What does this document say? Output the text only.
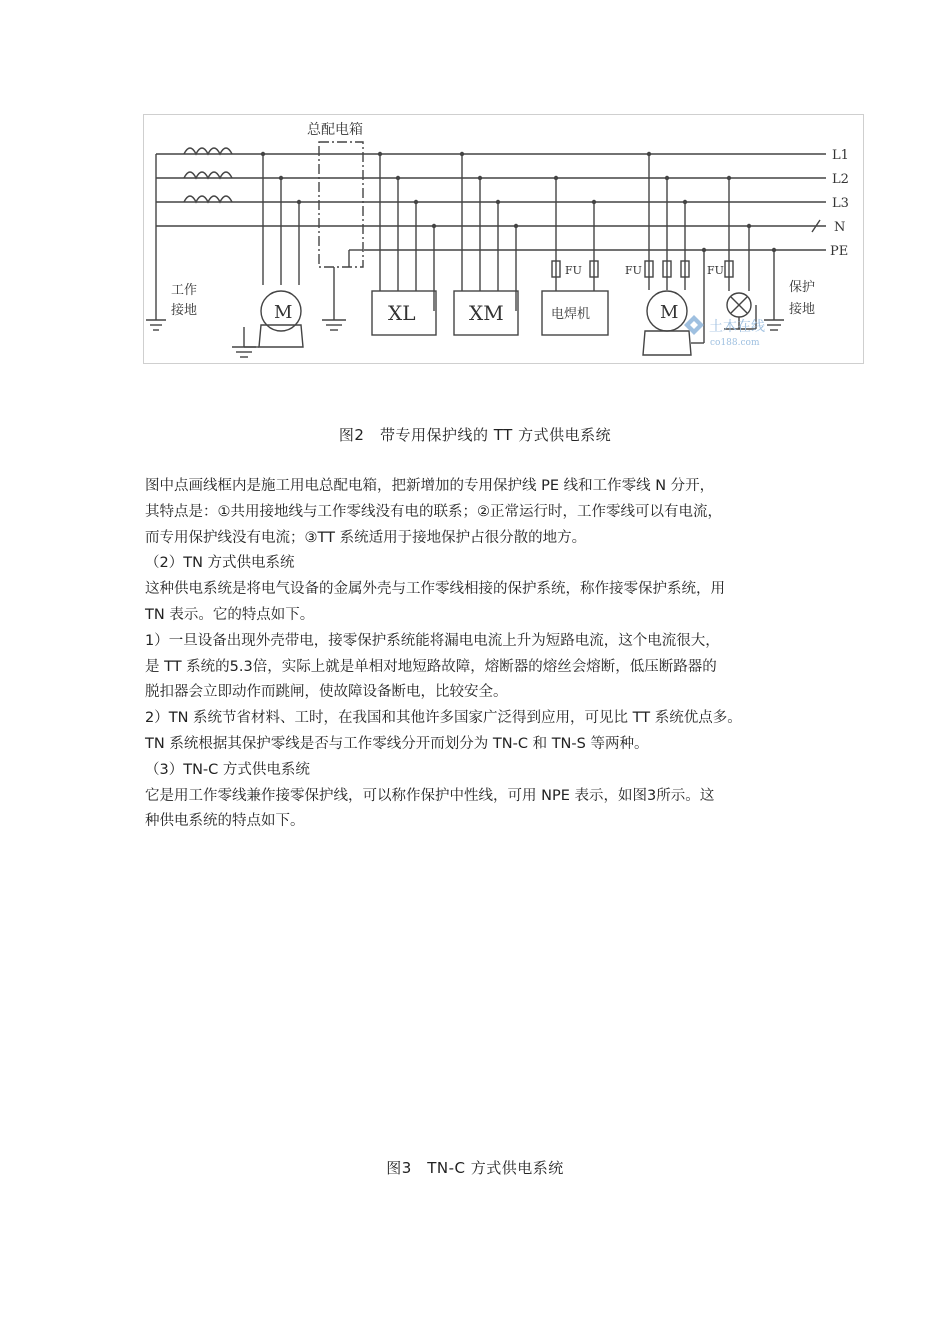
总配电箱
L1
L2
L3
N
PE
工作
接地
保护
接地
M	M
XL	XM	电焊机
FU	FU	FU
土木在线
co188.com
图2　带专用保护线的 TT 方式供电系统

图中点画线框内是施工用电总配电箱，把新增加的专用保护线 PE 线和工作零线 N 分开，

其特点是：①共用接地线与工作零线没有电的联系；②正常运行时，工作零线可以有电流，

而专用保护线没有电流；③TT 系统适用于接地保护占很分散的地方。

（2）TN 方式供电系统

这种供电系统是将电气设备的金属外壳与工作零线相接的保护系统，称作接零保护系统，用

TN 表示。它的特点如下。

1）一旦设备出现外壳带电，接零保护系统能将漏电电流上升为短路电流，这个电流很大，

是 TT 系统的5.3倍，实际上就是单相对地短路故障，熔断器的熔丝会熔断，低压断路器的

脱扣器会立即动作而跳闸，使故障设备断电，比较安全。

2）TN 系统节省材料、工时，在我国和其他许多国家广泛得到应用，可见比 TT 系统优点多。

TN 系统根据其保护零线是否与工作零线分开而划分为 TN-C 和 TN-S 等两种。

（3）TN-C 方式供电系统

它是用工作零线兼作接零保护线，可以称作保护中性线，可用 NPE 表示，如图3所示。这

种供电系统的特点如下。

图3　TN-C 方式供电系统
